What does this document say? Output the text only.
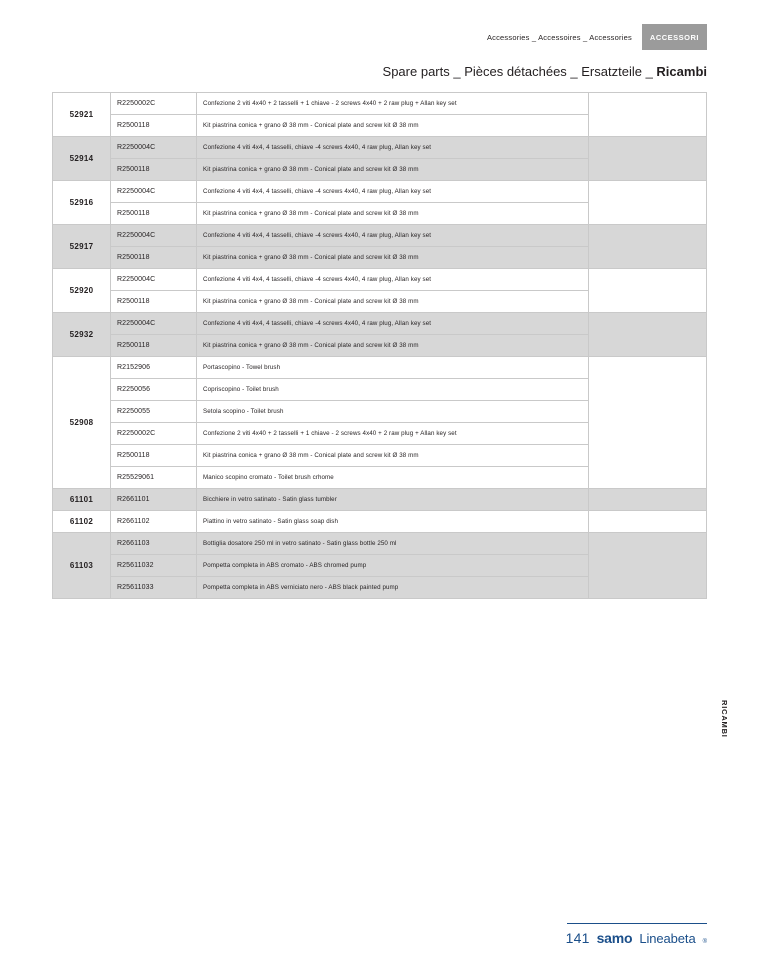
Accessories _ Accessoires _ Accessories	ACCESSORI
Spare parts _ Pièces détachées _ Ersatzteile _ Ricambi
52921	R2250002C	Confezione 2 viti 4x40 + 2 tasselli + 1 chiave - 2 screws 4x40 + 2 raw plug + Allan key set	
	R2500118	Kit piastrina conica + grano Ø 38 mm - Conical plate and screw kit Ø 38 mm	
52914	R2250004C	Confezione 4 viti 4x4, 4 tasselli, chiave -4 screws 4x40, 4 raw plug, Allan key set	
	R2500118	Kit piastrina conica + grano Ø 38 mm - Conical plate and screw kit Ø 38 mm	
52916	R2250004C	Confezione 4 viti 4x4, 4 tasselli, chiave -4 screws 4x40, 4 raw plug, Allan key set	
	R2500118	Kit piastrina conica + grano Ø 38 mm - Conical plate and screw kit Ø 38 mm	
52917	R2250004C	Confezione 4 viti 4x4, 4 tasselli, chiave -4 screws 4x40, 4 raw plug, Allan key set	
	R2500118	Kit piastrina conica + grano Ø 38 mm - Conical plate and screw kit Ø 38 mm	
52920	R2250004C	Confezione 4 viti 4x4, 4 tasselli, chiave -4 screws 4x40, 4 raw plug, Allan key set	
	R2500118	Kit piastrina conica + grano Ø 38 mm - Conical plate and screw kit Ø 38 mm	
52932	R2250004C	Confezione 4 viti 4x4, 4 tasselli, chiave -4 screws 4x40, 4 raw plug, Allan key set	
	R2500118	Kit piastrina conica + grano Ø 38 mm - Conical plate and screw kit Ø 38 mm	
52908	R2152906	Portascopino - Towel brush	
	R2250056	Copriscopino - Toilet brush	
	R2250055	Setola scopino - Toilet brush	
	R2250002C	Confezione 2 viti 4x40 + 2 tasselli + 1 chiave - 2 screws 4x40 + 2 raw plug + Allan key set	
	R2500118	Kit piastrina conica + grano Ø 38 mm - Conical plate and screw kit Ø 38 mm	
	R25529061	Manico scopino cromato - Toilet brush crhome	
61101	R2661101	Bicchiere in vetro satinato - Satin glass tumbler	
61102	R2661102	Piattino in vetro satinato - Satin glass soap dish	
61103	R2661103	Bottiglia dosatore 250 ml in vetro satinato - Satin glass bottle 250 ml	
	R25611032	Pompetta completa in ABS cromato - ABS chromed pump	
	R25611033	Pompetta completa in ABS verniciato nero - ABS black painted pump	
RICAMBI
141 samo Lineabeta ®
